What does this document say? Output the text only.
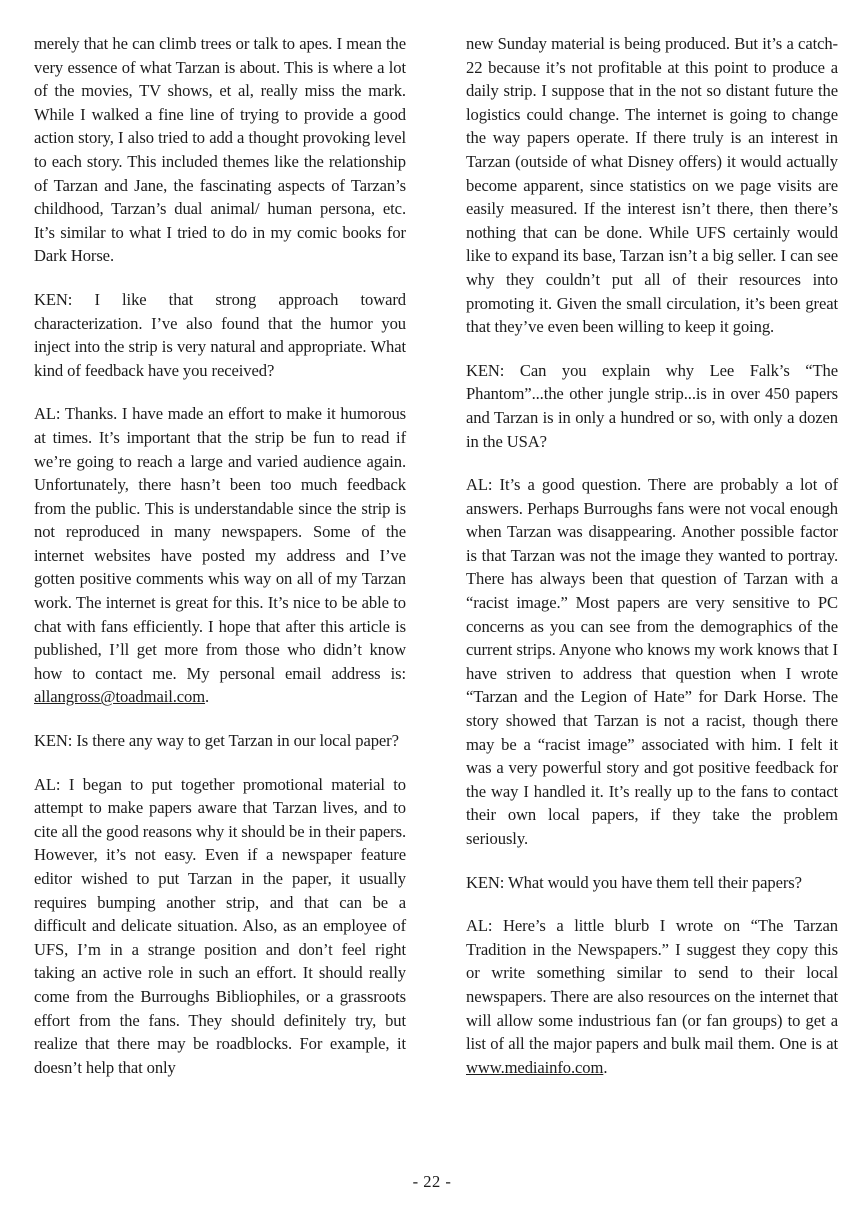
merely that he can climb trees or talk to apes. I mean the very essence of what Tarzan is about. This is where a lot of the movies, TV shows, et al, really miss the mark. While I walked a fine line of trying to provide a good action story, I also tried to add a thought provoking level to each story. This included themes like the relationship of Tarzan and Jane, the fascinating aspects of Tarzan’s childhood, Tarzan’s dual animal/ human persona, etc. It’s similar to what I tried to do in my comic books for Dark Horse.

KEN: I like that strong approach toward characterization. I’ve also found that the humor you inject into the strip is very natural and appropriate. What kind of feedback have you received?

AL: Thanks. I have made an effort to make it humorous at times. It’s important that the strip be fun to read if we’re going to reach a large and varied audience again. Unfortunately, there hasn’t been too much feedback from the public. This is understandable since the strip is not reproduced in many newspapers. Some of the internet websites have posted my address and I’ve gotten positive comments whis way on all of my Tarzan work. The internet is great for this. It’s nice to be able to chat with fans efficiently. I hope that after this article is published, I’ll get more from those who didn’t know how to contact me. My personal email address is: allangross@toadmail.com.

KEN: Is there any way to get Tarzan in our local paper?

AL: I began to put together promotional material to attempt to make papers aware that Tarzan lives, and to cite all the good reasons why it should be in their papers. However, it’s not easy. Even if a newspaper feature editor wished to put Tarzan in the paper, it usually requires bumping another strip, and that can be a difficult and delicate situation. Also, as an employee of UFS, I’m in a strange position and don’t feel right taking an active role in such an effort. It should really come from the Burroughs Bibliophiles, or a grassroots effort from the fans. They should definitely try, but realize that there may be roadblocks. For example, it doesn’t help that only

new Sunday material is being produced. But it’s a catch-22 because it’s not profitable at this point to produce a daily strip. I suppose that in the not so distant future the logistics could change. The internet is going to change the way papers operate. If there truly is an interest in Tarzan (outside of what Disney offers) it would actually become apparent, since statistics on we page visits are easily measured. If the interest isn’t there, then there’s nothing that can be done. While UFS certainly would like to expand its base, Tarzan isn’t a big seller. I can see why they couldn’t put all of their resources into promoting it. Given the small circulation, it’s been great that they’ve even been willing to keep it going.

KEN: Can you explain why Lee Falk’s “The Phantom”...the other jungle strip...is in over 450 papers and Tarzan is in only a hundred or so, with only a dozen in the USA?

AL: It’s a good question. There are probably a lot of answers. Perhaps Burroughs fans were not vocal enough when Tarzan was disappearing. Another possible factor is that Tarzan was not the image they wanted to portray. There has always been that question of Tarzan with a “racist image.” Most papers are very sensitive to PC concerns as you can see from the demographics of the current strips. Anyone who knows my work knows that I have striven to address that question when I wrote “Tarzan and the Legion of Hate” for Dark Horse. The story showed that Tarzan is not a racist, though there may be a “racist image” associated with him. I felt it was a very powerful story and got positive feedback for the way I handled it. It’s really up to the fans to contact their own local papers, if they take the problem seriously.

KEN: What would you have them tell their papers?

AL: Here’s a little blurb I wrote on “The Tarzan Tradition in the Newspapers.” I suggest they copy this or write something similar to send to their local newspapers. There are also resources on the internet that will allow some industrious fan (or fan groups) to get a list of all the major papers and bulk mail them. One is at www.mediainfo.com.

- 22 -
